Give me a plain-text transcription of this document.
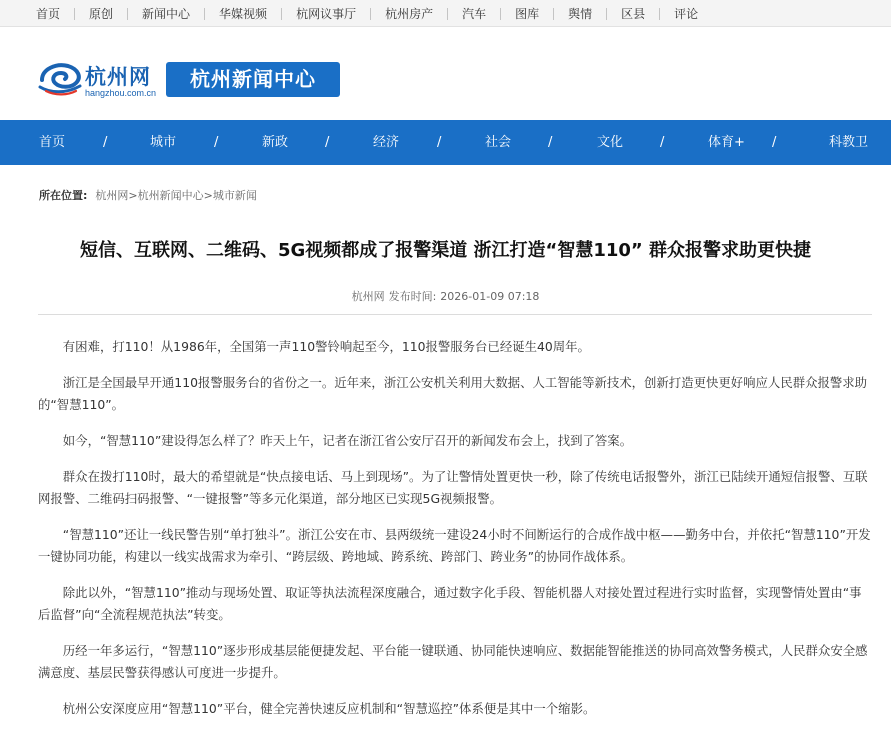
首页 原创 新闻中心 华媒视频 杭网议事厅 杭州房产 汽车 图库 舆情 区县 评论
杭州网
hangzhou.com.cn
杭州新闻中心
首页	/	城市	/	新政	/	经济	/	社会	/	文化	/	体育+ /	科教卫
所在位置: 杭州网>杭州新闻中心>城市新闻
短信、互联网、二维码、5G视频都成了报警渠道 浙江打造“智慧110” 群众报警求助更快捷
杭州网 发布时间: 2026-01-09 07:18

有困难，打110！从1986年，全国第一声110警铃响起至今，110报警服务台已经诞生40周年。

浙江是全国最早开通110报警服务台的省份之一。近年来，浙江公安机关利用大数据、人工智能等新技术，创新打造更快更好响应人民群众报警求助的“智慧110”。

如今，“智慧110”建设得怎么样了？昨天上午，记者在浙江省公安厅召开的新闻发布会上，找到了答案。

群众在拨打110时，最大的希望就是“快点接电话、马上到现场”。为了让警情处置更快一秒，除了传统电话报警外，浙江已陆续开通短信报警、互联网报警、二维码扫码报警、“一键报警”等多元化渠道，部分地区已实现5G视频报警。

“智慧110”还让一线民警告别“单打独斗”。浙江公安在市、县两级统一建设24小时不间断运行的合成作战中枢——勤务中台，并依托“智慧110”开发一键协同功能，构建以一线实战需求为牵引、“跨层级、跨地域、跨系统、跨部门、跨业务”的协同作战体系。

除此以外，“智慧110”推动与现场处置、取证等执法流程深度融合，通过数字化手段、智能机器人对接处置过程进行实时监督，实现警情处置由“事后监督”向“全流程规范执法”转变。

历经一年多运行，“智慧110”逐步形成基层能便捷发起、平台能一键联通、协同能快速响应、数据能智能推送的协同高效警务模式，人民群众安全感满意度、基层民警获得感认可度进一步提升。

杭州公安深度应用“智慧110”平台，健全完善快速反应机制和“智慧巡控”体系便是其中一个缩影。
